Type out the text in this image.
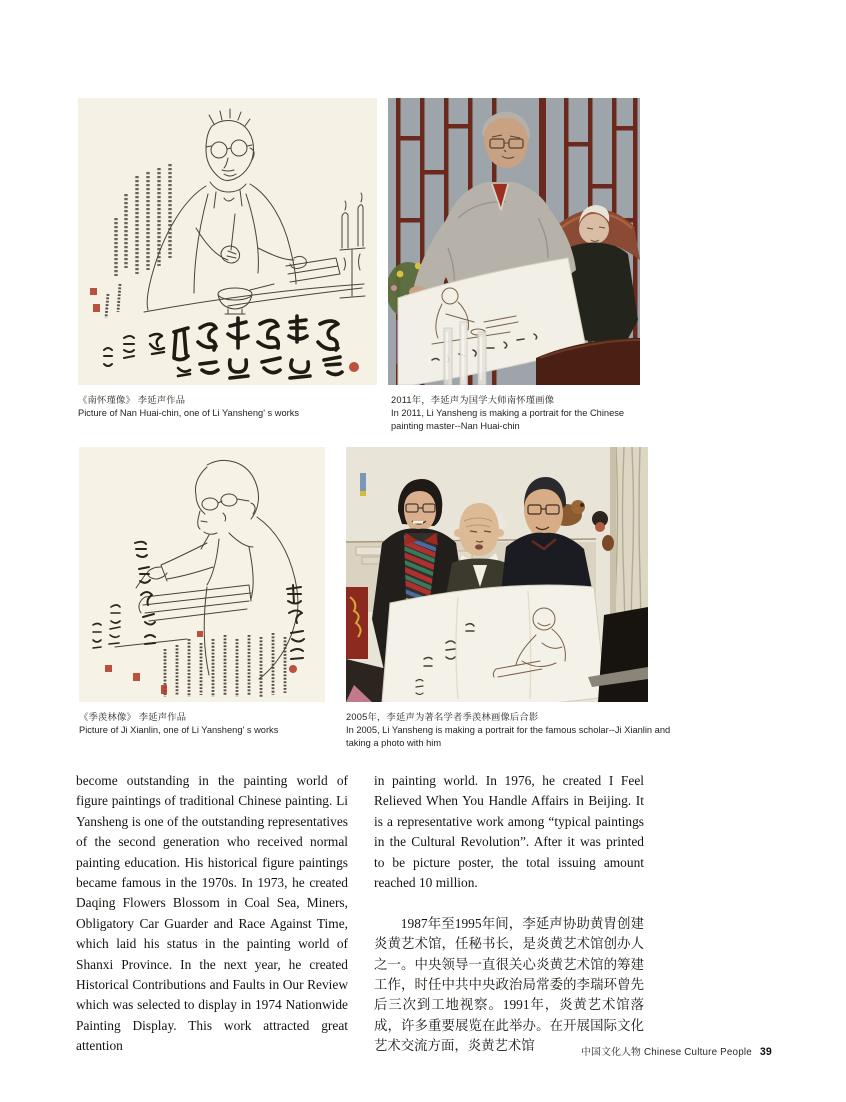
《南怀瑾像》 李延声作品
Picture of Nan Huai-chin, one of Li Yansheng' s works
2011年，李延声为国学大师南怀瑾画像
In 2011, Li Yansheng is making a portrait for the Chinese painting master--Nan Huai-chin
《季羡林像》 李延声作品
Picture of Ji Xianlin, one of Li Yansheng' s works
2005年，李延声为著名学者季羡林画像后合影
In 2005, Li Yansheng is making a portrait for the famous scholar--Ji Xianlin and taking a photo with him

become outstanding in the painting world of figure paintings of traditional Chinese painting. Li Yansheng is one of the outstanding representatives of the second generation who received normal painting education. His historical figure paintings became famous in the 1970s. In 1973, he created Daqing Flowers Blossom in Coal Sea, Miners, Obligatory Car Guarder and Race Against Time, which laid his status in the painting world of Shanxi Province. In the next year, he created Historical Contributions and Faults in Our Review which was selected to display in 1974 Nationwide Painting Display. This work attracted great attention

in painting world. In 1976, he created I Feel Relieved When You Handle Affairs in Beijing. It is a representative work among “typical paintings in the Cultural Revolution”. After it was printed to be picture poster, the total issuing amount reached 10 million.

1987年至1995年间，李延声协助黄胄创建炎黄艺术馆，任秘书长，是炎黄艺术馆创办人之一。中央领导一直很关心炎黄艺术馆的筹建工作，时任中共中央政治局常委的李瑞环曾先后三次到工地视察。1991年，炎黄艺术馆落成，许多重要展览在此举办。在开展国际文化艺术交流方面，炎黄艺术馆	中国文化人物 Chinese Culture People 39
